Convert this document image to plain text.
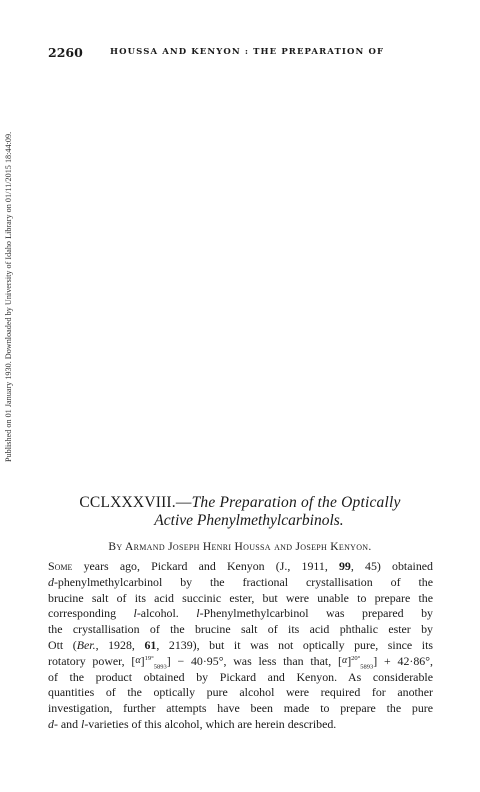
2260	HOUSSA AND KENYON : THE PREPARATION OF
Published on 01 January 1930. Downloaded by University of Idaho Library on 01/11/2015 18:44:09.
CCLXXXVIII.—The Preparation of the Optically
Active Phenylmethylcarbinols.
By Armand Joseph Henri Houssa and Joseph Kenyon.
Some years ago, Pickard and Kenyon (J., 1911, 99, 45) obtained
d-phenylmethylcarbinol by the fractional crystallisation of the
brucine salt of its acid succinic ester, but were unable to prepare the
corresponding l-alcohol. l-Phenylmethylcarbinol was prepared by
the crystallisation of the brucine salt of its acid phthalic ester by
Ott (Ber., 1928, 61, 2139), but it was not optically pure, since its
rotatory power, $[\alpha]^{19^\circ}_{5893}] - 40\cdot 95^\circ$, was less than that, $[\alpha]^{20^\circ}_{5893}] + 42\cdot 86^\circ$,
of the product obtained by Pickard and Kenyon. As considerable
quantities of the optically pure alcohol were required for another
investigation, further attempts have been made to prepare the pure
d- and l-varieties of this alcohol, which are herein described.
